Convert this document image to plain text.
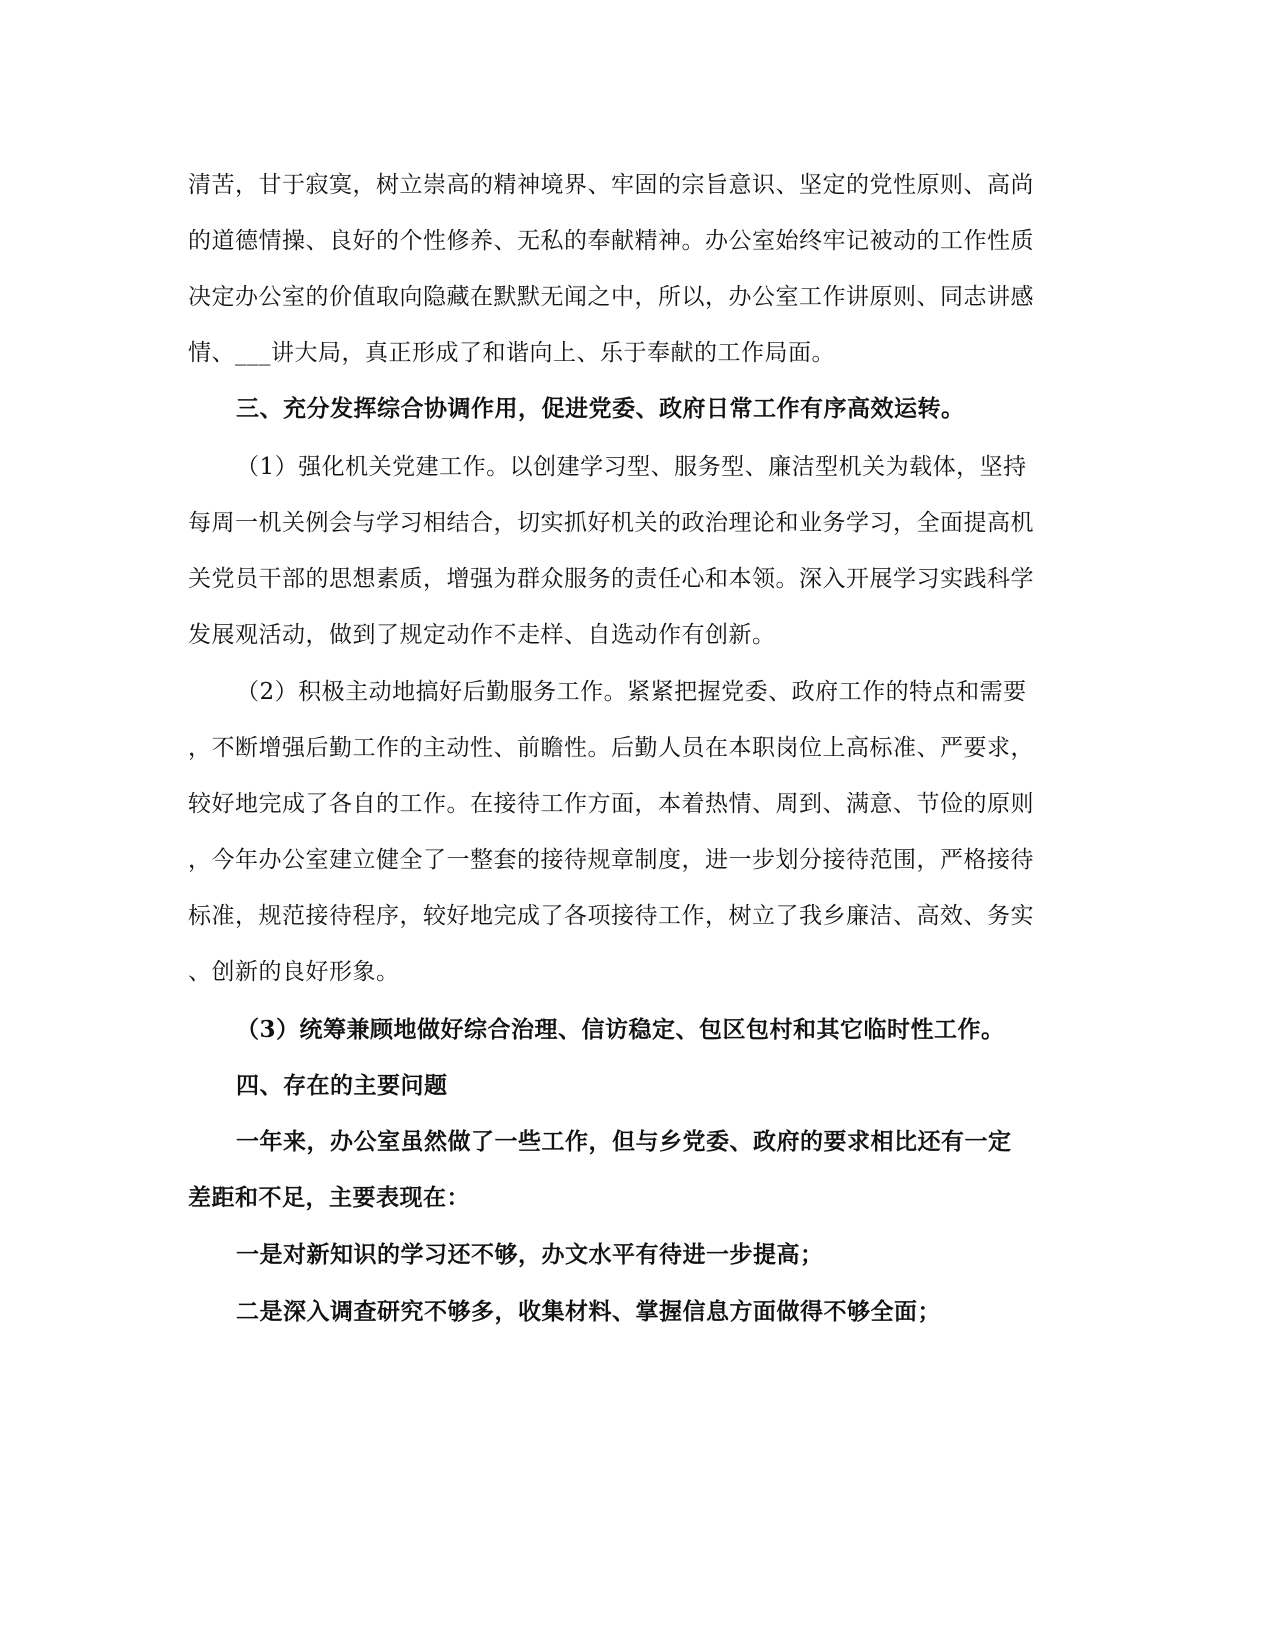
清苦，甘于寂寞，树立崇高的精神境界、牢固的宗旨意识、坚定的党性原则、高尚
的道德情操、良好的个性修养、无私的奉献精神。办公室始终牢记被动的工作性质
决定办公室的价值取向隐藏在默默无闻之中，所以，办公室工作讲原则、同志讲感
情、___讲大局，真正形成了和谐向上、乐于奉献的工作局面。
三、充分发挥综合协调作用，促进党委、政府日常工作有序高效运转。
（1）强化机关党建工作。以创建学习型、服务型、廉洁型机关为载体，坚持
每周一机关例会与学习相结合，切实抓好机关的政治理论和业务学习，全面提高机
关党员干部的思想素质，增强为群众服务的责任心和本领。深入开展学习实践科学
发展观活动，做到了规定动作不走样、自选动作有创新。
（2）积极主动地搞好后勤服务工作。紧紧把握党委、政府工作的特点和需要
，不断增强后勤工作的主动性、前瞻性。后勤人员在本职岗位上高标准、严要求，
较好地完成了各自的工作。在接待工作方面，本着热情、周到、满意、节俭的原则
，今年办公室建立健全了一整套的接待规章制度，进一步划分接待范围，严格接待
标准，规范接待程序，较好地完成了各项接待工作，树立了我乡廉洁、高效、务实
、创新的良好形象。
（3）统筹兼顾地做好综合治理、信访稳定、包区包村和其它临时性工作。
四、存在的主要问题
一年来，办公室虽然做了一些工作，但与乡党委、政府的要求相比还有一定
差距和不足，主要表现在：
一是对新知识的学习还不够，办文水平有待进一步提高；
二是深入调查研究不够多，收集材料、掌握信息方面做得不够全面；
